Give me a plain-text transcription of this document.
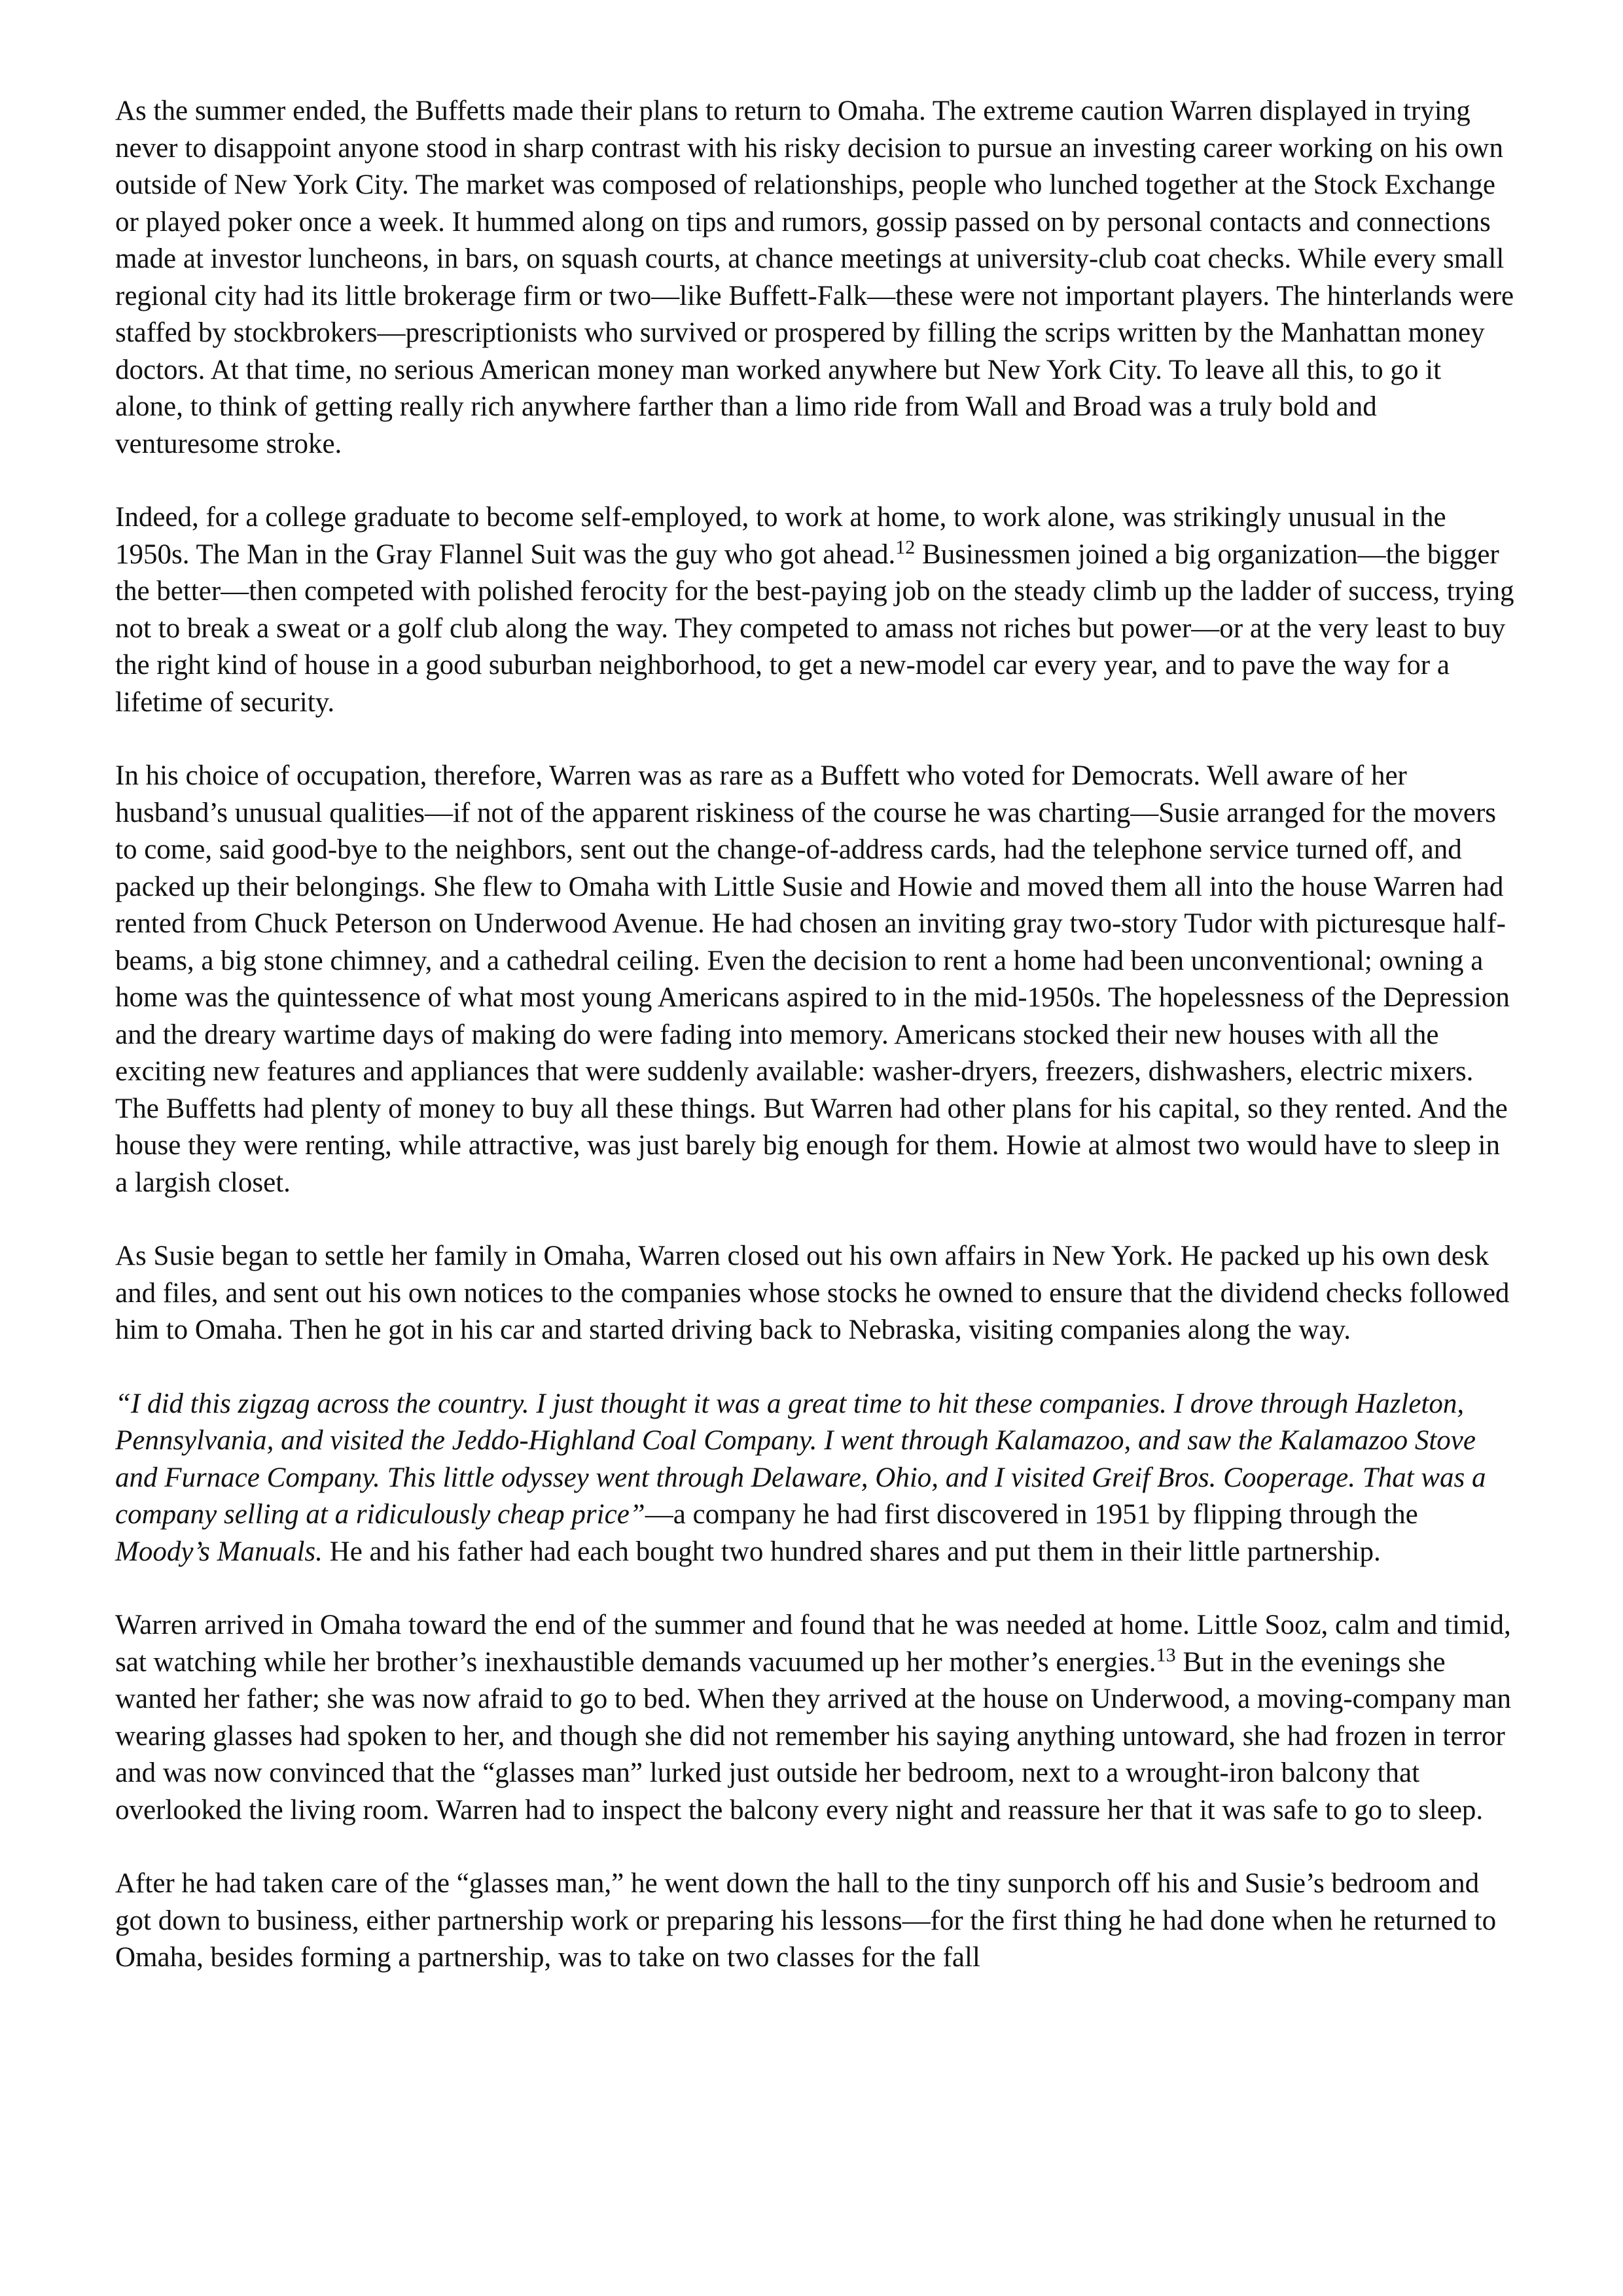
As the summer ended, the Buffetts made their plans to return to Omaha. The extreme caution Warren displayed in trying never to disappoint anyone stood in sharp contrast with his risky decision to pursue an investing career working on his own outside of New York City. The market was composed of relationships, people who lunched together at the Stock Exchange or played poker once a week. It hummed along on tips and rumors, gossip passed on by personal contacts and connections made at investor luncheons, in bars, on squash courts, at chance meetings at university-club coat checks. While every small regional city had its little brokerage firm or two—like Buffett-Falk—these were not important players. The hinterlands were staffed by stockbrokers—prescriptionists who survived or prospered by filling the scrips written by the Manhattan money doctors. At that time, no serious American money man worked anywhere but New York City. To leave all this, to go it alone, to think of getting really rich anywhere farther than a limo ride from Wall and Broad was a truly bold and venturesome stroke.

Indeed, for a college graduate to become self-employed, to work at home, to work alone, was strikingly unusual in the 1950s. The Man in the Gray Flannel Suit was the guy who got ahead.$^{12}$ Businessmen joined a big organization—the bigger the better—then competed with polished ferocity for the best-paying job on the steady climb up the ladder of success, trying not to break a sweat or a golf club along the way. They competed to amass not riches but power—or at the very least to buy the right kind of house in a good suburban neighborhood, to get a new-model car every year, and to pave the way for a lifetime of security.

In his choice of occupation, therefore, Warren was as rare as a Buffett who voted for Democrats. Well aware of her husband’s unusual qualities—if not of the apparent riskiness of the course he was charting—Susie arranged for the movers to come, said good-bye to the neighbors, sent out the change-of-address cards, had the telephone service turned off, and packed up their belongings. She flew to Omaha with Little Susie and Howie and moved them all into the house Warren had rented from Chuck Peterson on Underwood Avenue. He had chosen an inviting gray two-story Tudor with picturesque half-beams, a big stone chimney, and a cathedral ceiling. Even the decision to rent a home had been unconventional; owning a home was the quintessence of what most young Americans aspired to in the mid-1950s. The hopelessness of the Depression and the dreary wartime days of making do were fading into memory. Americans stocked their new houses with all the exciting new features and appliances that were suddenly available: washer-dryers, freezers, dishwashers, electric mixers. The Buffetts had plenty of money to buy all these things. But Warren had other plans for his capital, so they rented. And the house they were renting, while attractive, was just barely big enough for them. Howie at almost two would have to sleep in a largish closet.

As Susie began to settle her family in Omaha, Warren closed out his own affairs in New York. He packed up his own desk and files, and sent out his own notices to the companies whose stocks he owned to ensure that the dividend checks followed him to Omaha. Then he got in his car and started driving back to Nebraska, visiting companies along the way.

“I did this zigzag across the country. I just thought it was a great time to hit these companies. I drove through Hazleton, Pennsylvania, and visited the Jeddo-Highland Coal Company. I went through Kalamazoo, and saw the Kalamazoo Stove and Furnace Company. This little odyssey went through Delaware, Ohio, and I visited Greif Bros. Cooperage. That was a company selling at a ridiculously cheap price”—a company he had first discovered in 1951 by flipping through the Moody’s Manuals. He and his father had each bought two hundred shares and put them in their little partnership.

Warren arrived in Omaha toward the end of the summer and found that he was needed at home. Little Sooz, calm and timid, sat watching while her brother’s inexhaustible demands vacuumed up her mother’s energies.$^{13}$ But in the evenings she wanted her father; she was now afraid to go to bed. When they arrived at the house on Underwood, a moving-company man wearing glasses had spoken to her, and though she did not remember his saying anything untoward, she had frozen in terror and was now convinced that the “glasses man” lurked just outside her bedroom, next to a wrought-iron balcony that overlooked the living room. Warren had to inspect the balcony every night and reassure her that it was safe to go to sleep.

After he had taken care of the “glasses man,” he went down the hall to the tiny sunporch off his and Susie’s bedroom and got down to business, either partnership work or preparing his lessons—for the first thing he had done when he returned to Omaha, besides forming a partnership, was to take on two classes for the fall
